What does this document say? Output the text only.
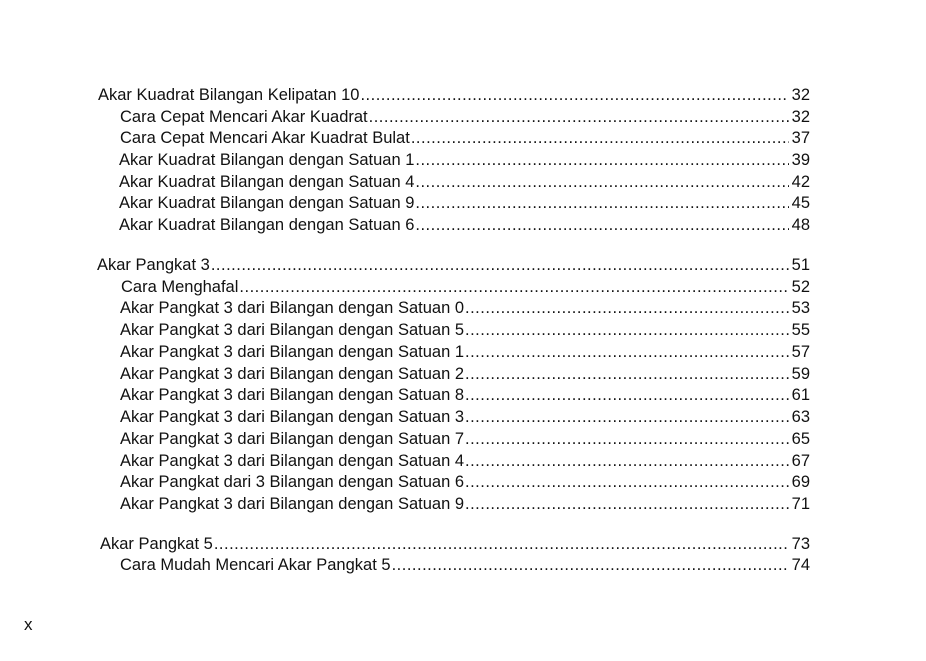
Akar Kuadrat Bilangan Kelipatan 10 .....	32
Cara Cepat Mencari Akar Kuadrat .....	32
Cara Cepat Mencari Akar Kuadrat Bulat .....	37
Akar Kuadrat Bilangan dengan Satuan 1 .....	39
Akar Kuadrat Bilangan dengan Satuan 4 .....	42
Akar Kuadrat Bilangan dengan Satuan 9 .....	45
Akar Kuadrat Bilangan dengan Satuan 6 .....	48
Akar Pangkat 3 .....	51
Cara Menghafal .....	52
Akar Pangkat 3 dari Bilangan dengan Satuan 0 .....	53
Akar Pangkat 3 dari Bilangan dengan Satuan 5 .....	55
Akar Pangkat 3 dari Bilangan dengan Satuan 1 .....	57
Akar Pangkat 3 dari Bilangan dengan Satuan 2 .....	59
Akar Pangkat 3 dari Bilangan dengan Satuan 8 .....	61
Akar Pangkat 3 dari Bilangan dengan Satuan 3 .....	63
Akar Pangkat 3 dari Bilangan dengan Satuan 7 .....	65
Akar Pangkat 3 dari Bilangan dengan Satuan 4 .....	67
Akar Pangkat dari 3 Bilangan dengan Satuan 6 .....	69
Akar Pangkat 3 dari Bilangan dengan Satuan 9 .....	71
Akar Pangkat 5 .....	73
Cara Mudah Mencari Akar Pangkat 5 .....	74
x
